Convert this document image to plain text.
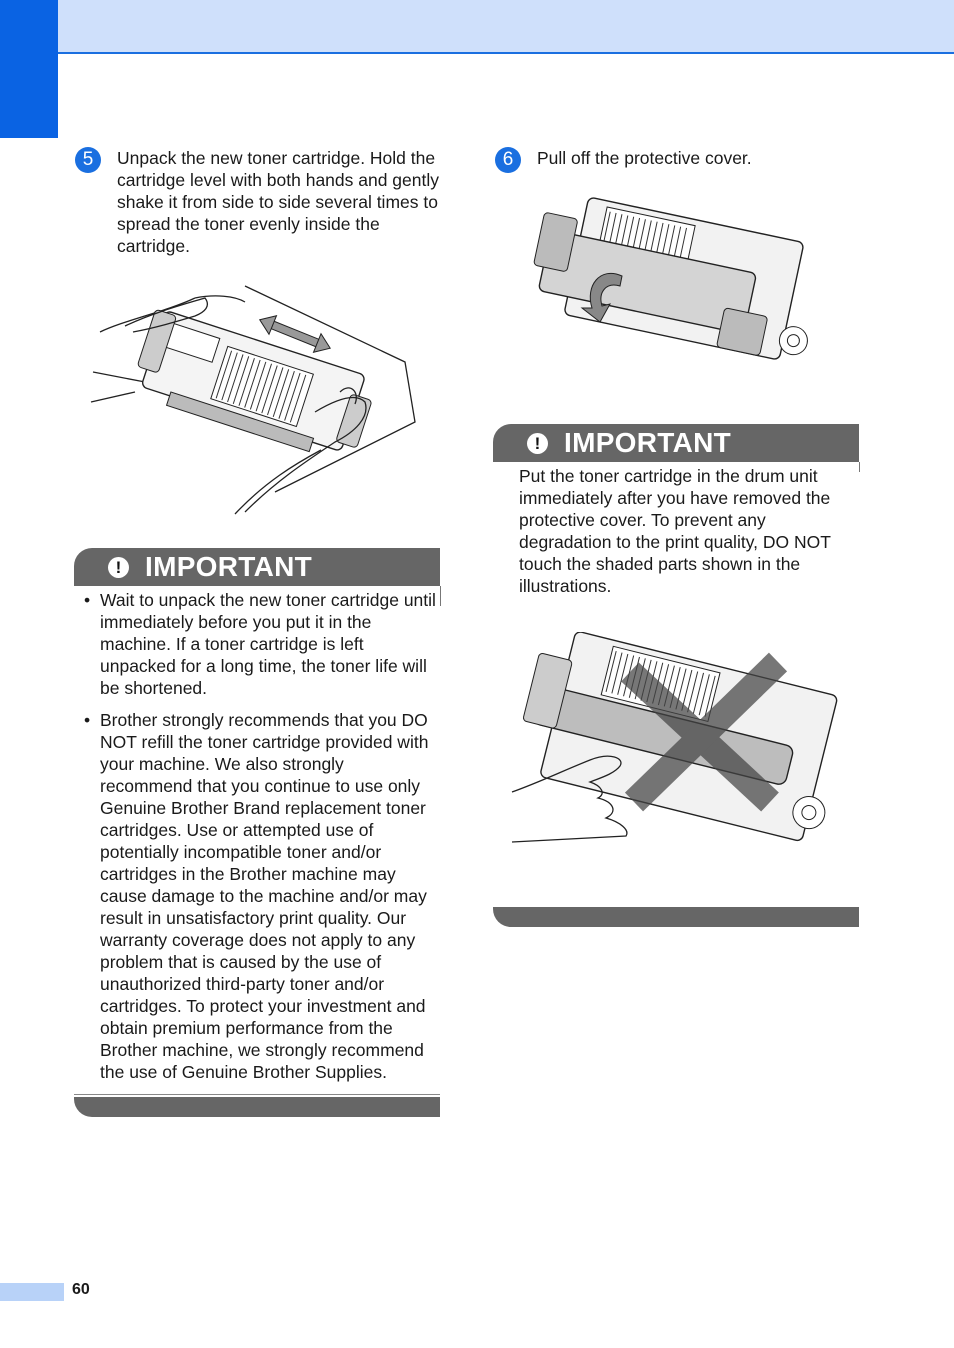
5	Unpack the new toner cartridge. Hold the cartridge level with both hands and gently shake it from side to side several times to spread the toner evenly inside the cartridge.
! IMPORTANT
• Wait to unpack the new toner cartridge until immediately before you put it in the machine. If a toner cartridge is left unpacked for a long time, the toner life will be shortened.
• Brother strongly recommends that you DO NOT refill the toner cartridge provided with your machine. We also strongly recommend that you continue to use only Genuine Brother Brand replacement toner cartridges. Use or attempted use of potentially incompatible toner and/or cartridges in the Brother machine may cause damage to the machine and/or may result in unsatisfactory print quality. Our warranty coverage does not apply to any problem that is caused by the use of unauthorized third-party toner and/or cartridges. To protect your investment and obtain premium performance from the Brother machine, we strongly recommend the use of Genuine Brother Supplies.
6	Pull off the protective cover.
! IMPORTANT
Put the toner cartridge in the drum unit immediately after you have removed the protective cover. To prevent any degradation to the print quality, DO NOT touch the shaded parts shown in the illustrations.
60
